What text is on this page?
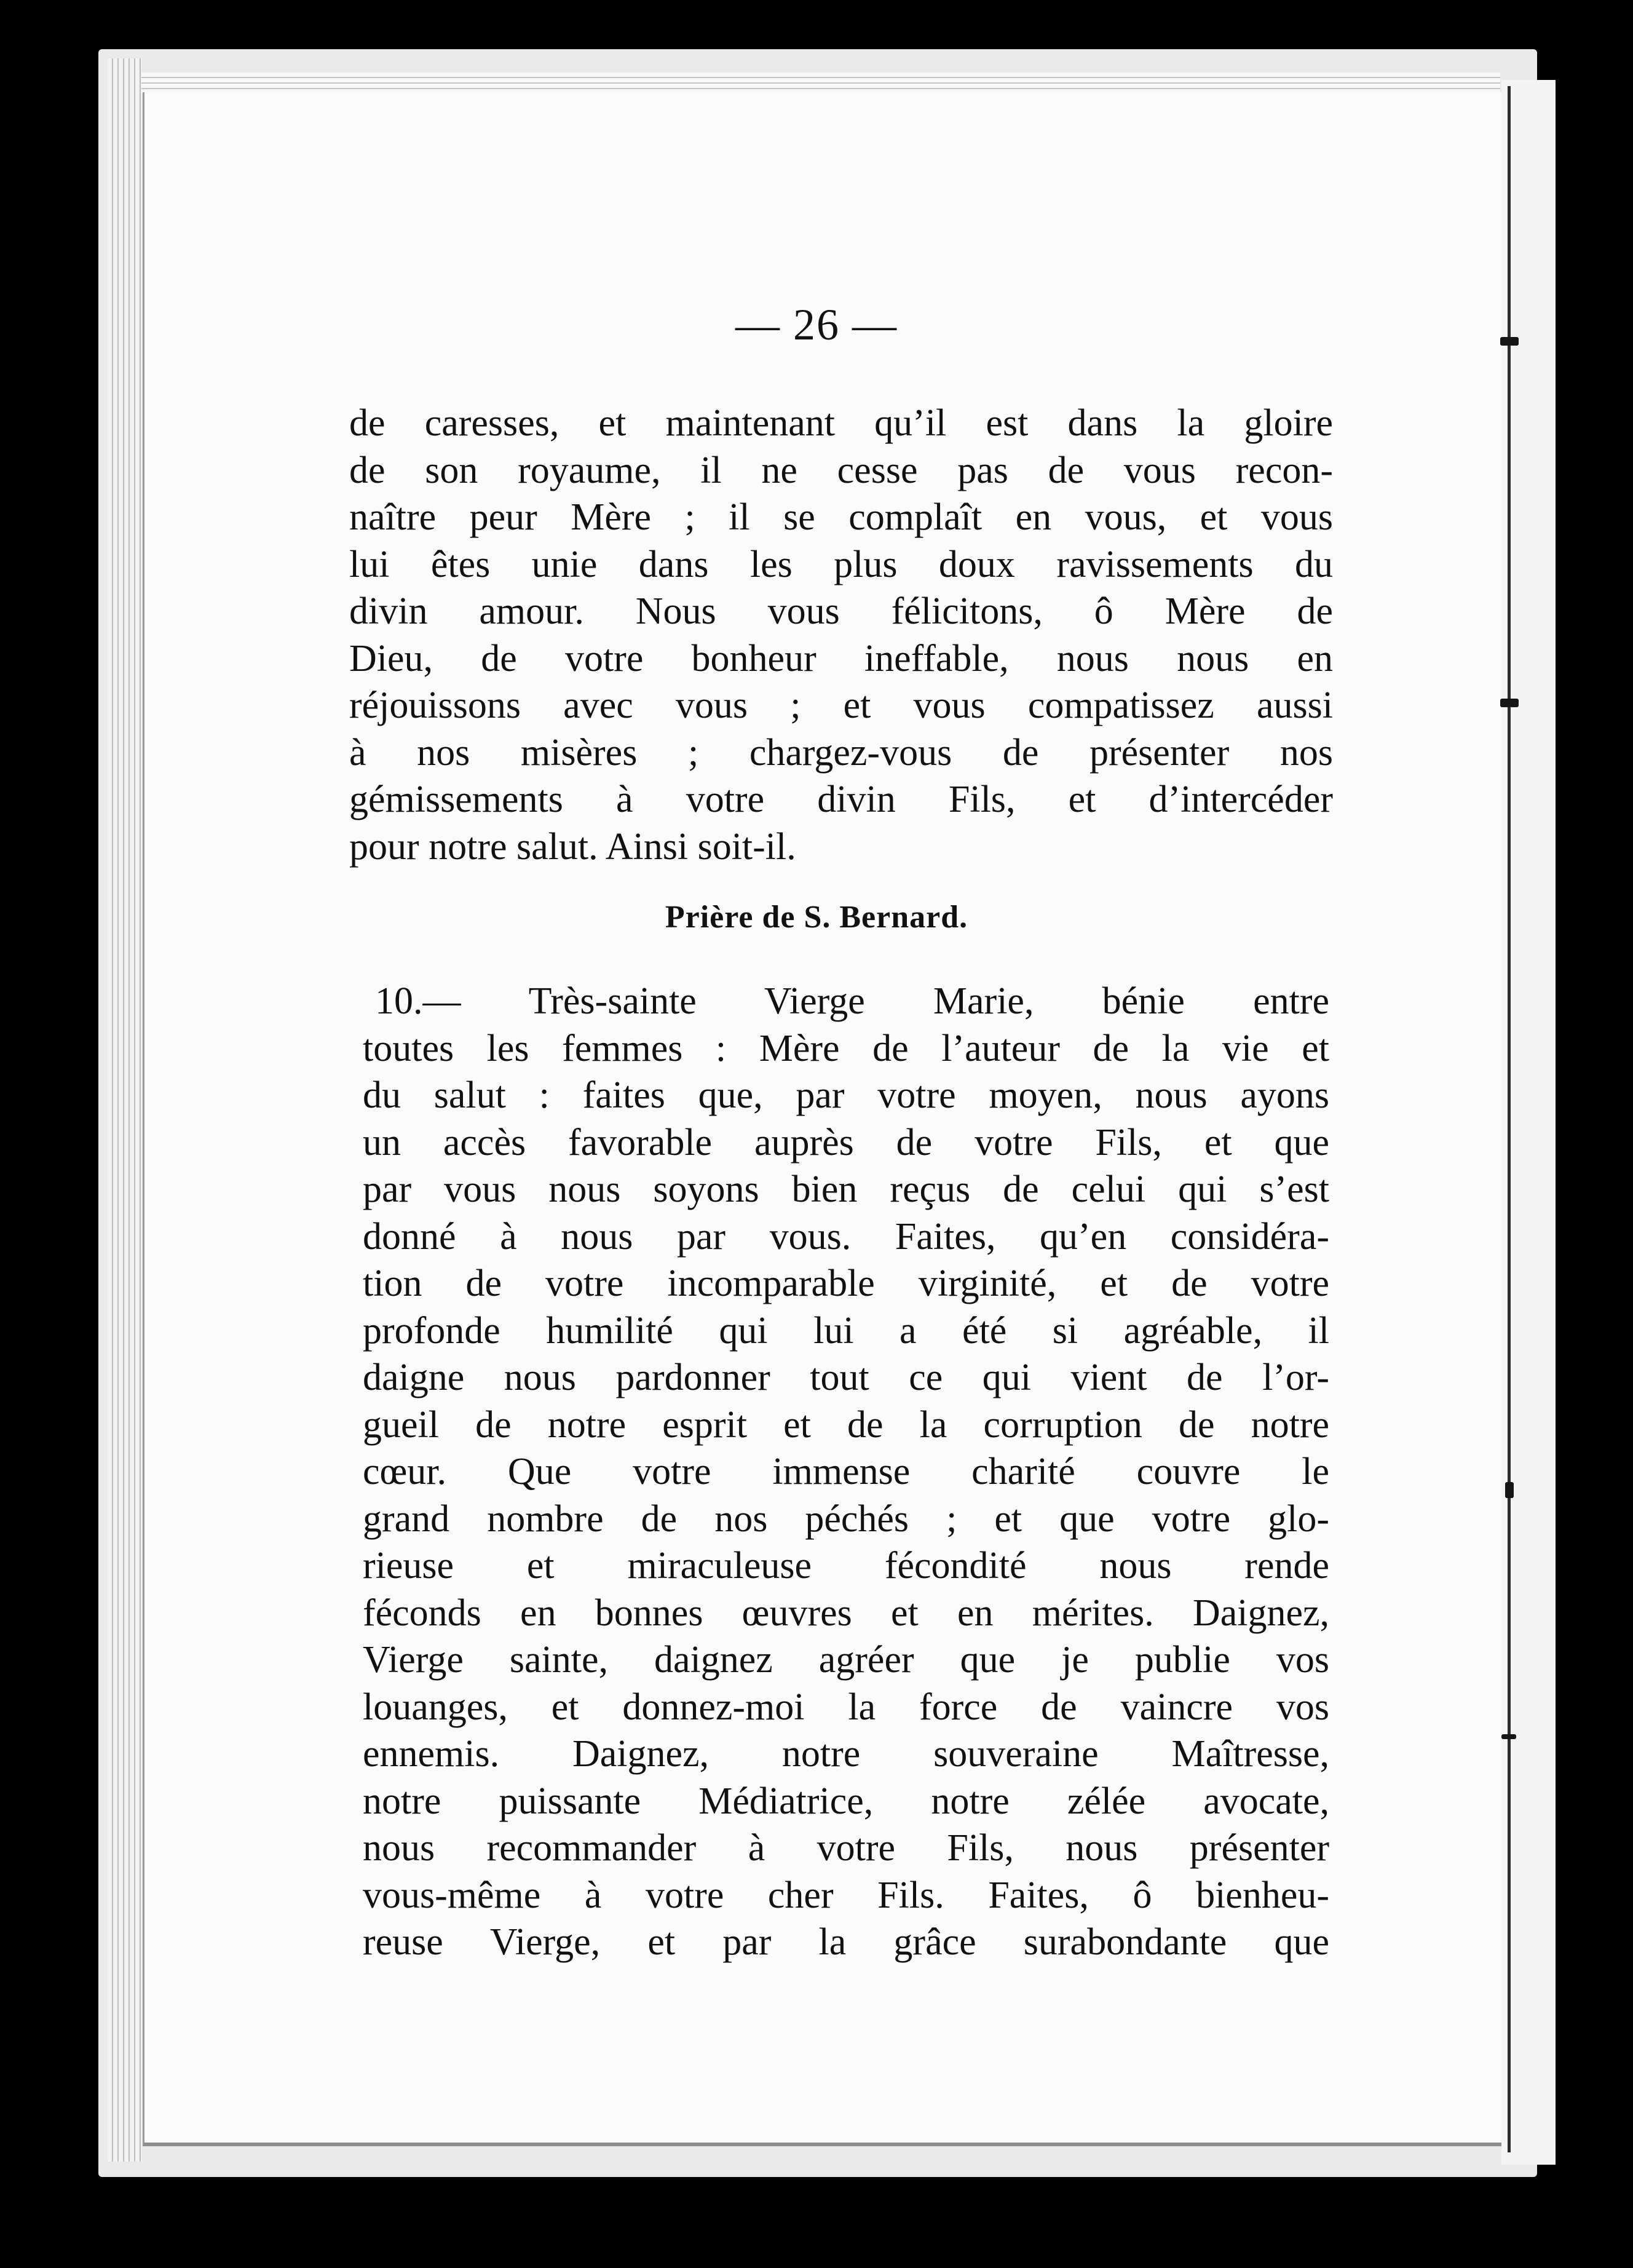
— 26 —
de caresses, et maintenant qu’il est dans la gloire
de son royaume, il ne cesse pas de vous recon-
naître peur Mère ; il se complaît en vous, et vous
lui êtes unie dans les plus doux ravissements du
divin amour. Nous vous félicitons, ô Mère de
Dieu, de votre bonheur ineffable, nous nous en
réjouissons avec vous ; et vous compatissez aussi
à nos misères ; chargez-vous de présenter nos
gémissements à votre divin Fils, et d’intercéder
pour notre salut. Ainsi soit-il.
Prière de S. Bernard.
10.— Très-sainte Vierge Marie, bénie entre
toutes les femmes : Mère de l’auteur de la vie et
du salut : faites que, par votre moyen, nous ayons
un accès favorable auprès de votre Fils, et que
par vous nous soyons bien reçus de celui qui s’est
donné à nous par vous. Faites, qu’en considéra-
tion de votre incomparable virginité, et de votre
profonde humilité qui lui a été si agréable, il
daigne nous pardonner tout ce qui vient de l’or-
gueil de notre esprit et de la corruption de notre
cœur. Que votre immense charité couvre le
grand nombre de nos péchés ; et que votre glo-
rieuse et miraculeuse fécondité nous rende
féconds en bonnes œuvres et en mérites. Daignez,
Vierge sainte, daignez agréer que je publie vos
louanges, et donnez-moi la force de vaincre vos
ennemis. Daignez, notre souveraine Maîtresse,
notre puissante Médiatrice, notre zélée avocate,
nous recommander à votre Fils, nous présenter
vous-même à votre cher Fils. Faites, ô bienheu-
reuse Vierge, et par la grâce surabondante que
